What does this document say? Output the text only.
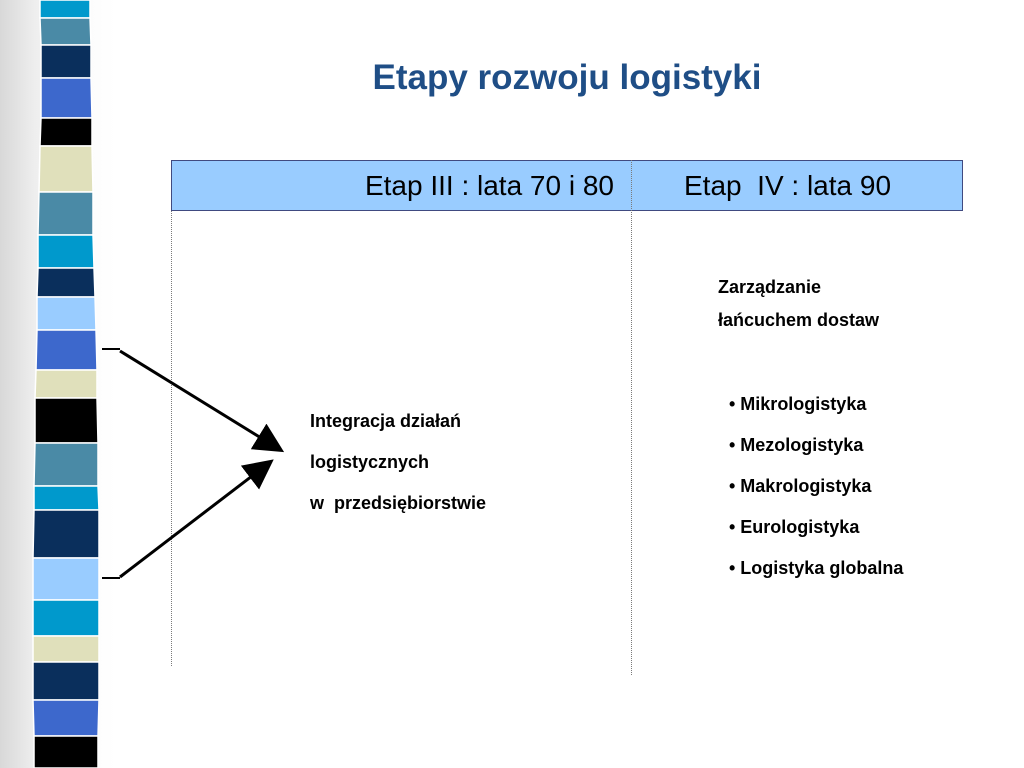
Etapy rozwoju logistyki
Etap III : lata 70 i 80	Etap  IV : lata 90
Zarządzanie
łańcuchem dostaw
• Mikrologistyka
• Mezologistyka
• Makrologistyka
• Eurologistyka
• Logistyka globalna
Integracja działań
logistycznych
w  przedsiębiorstwie
